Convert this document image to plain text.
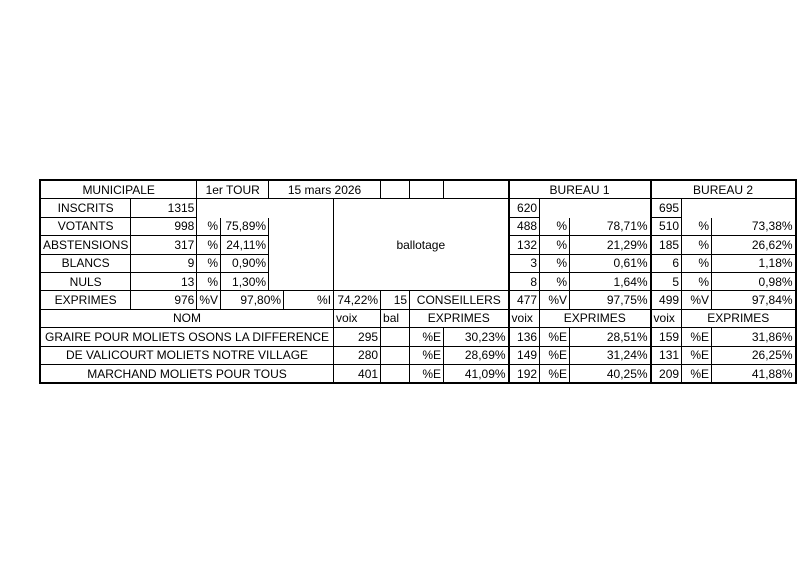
MUNICIPALE		1er TOUR		15 mars 2026						BUREAU 1			BUREAU 2		
INSCRITS	1315					ballotage				620			695		
VOTANTS	998	%	75,89%							488	%	78,71%	510	%	73,38%
ABSTENSIONS	317	%	24,11%							132	%	21,29%	185	%	26,62%
BLANCS	9	%	0,90%							3	%	0,61%	6	%	1,18%
NULS	13	%	1,30%							8	%	1,64%	5	%	0,98%
EXPRIMES	976	%V	97,80%		%I	74,22%	15	CONSEILLERS		477	%V	97,75%	499	%V	97,84%
NOM						voix	bal	EXPRIMES		voix	EXPRIMES		voix	EXPRIMES	
GRAIRE POUR MOLIETS OSONS LA DIFFERENCE						295		%E	30,23%	136	%E	28,51%	159	%E	31,86%
DE VALICOURT MOLIETS NOTRE VILLAGE						280		%E	28,69%	149	%E	31,24%	131	%E	26,25%
MARCHAND MOLIETS POUR TOUS						401		%E	41,09%	192	%E	40,25%	209	%E	41,88%
